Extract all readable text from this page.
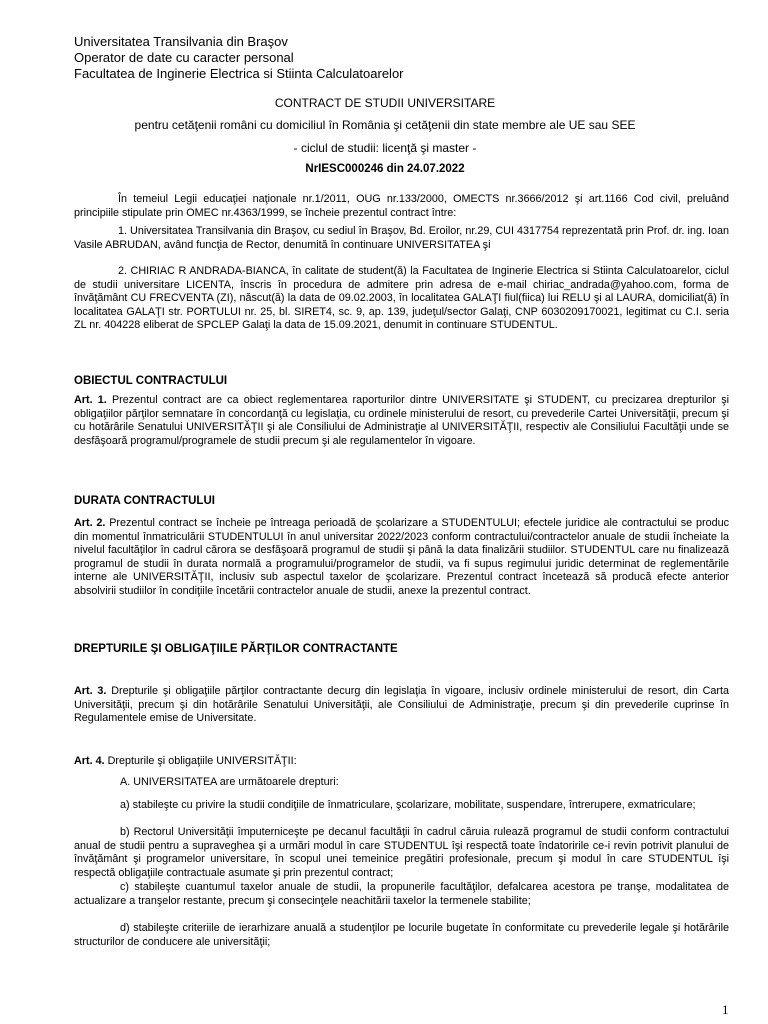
Universitatea Transilvania din Braşov
Operator de date cu caracter personal
Facultatea de Inginerie Electrica si Stiinta Calculatoarelor
CONTRACT DE STUDII UNIVERSITARE
pentru cetăţenii români cu domiciliul în România şi cetăţenii din state membre ale UE sau SEE
- ciclul de studii: licenţă şi master -
NrIESC000246 din 24.07.2022
În temeiul Legii educaţiei naţionale nr.1/2011, OUG nr.133/2000, OMECTS nr.3666/2012 şi art.1166 Cod civil, preluând principiile stipulate prin OMEC nr.4363/1999, se încheie prezentul contract între:
1. Universitatea Transilvania din Braşov, cu sediul în Braşov, Bd. Eroilor, nr.29, CUI 4317754 reprezentată prin Prof. dr. ing. Ioan Vasile ABRUDAN, având funcţia de Rector, denumită în continuare UNIVERSITATEA şi
2. CHIRIAC R ANDRADA-BIANCA, în calitate de student(ă) la Facultatea de Inginerie Electrica si Stiinta Calculatoarelor, ciclul de studii universitare LICENTA, înscris în procedura de admitere prin adresa de e-mail chiriac_andrada@yahoo.com, forma de învăţământ CU FRECVENTA (ZI), născut(ă) la data de 09.02.2003, în localitatea GALAŢI fiul(fiica) lui RELU şi al LAURA, domiciliat(ă) în localitatea GALAŢI str. PORTULUI nr. 25, bl. SIRET4, sc. 9, ap. 139, judeţul/sector Galaţi, CNP 6030209170021, legitimat cu C.I. seria ZL nr. 404228 eliberat de SPCLEP Galaţi la data de 15.09.2021, denumit in continuare STUDENTUL.
OBIECTUL CONTRACTULUI
Art. 1. Prezentul contract are ca obiect reglementarea raporturilor dintre UNIVERSITATE şi STUDENT, cu precizarea drepturilor şi obligaţiilor părţilor semnatare în concordanţă cu legislaţia, cu ordinele ministerului de resort, cu prevederile Cartei Universităţii, precum şi cu hotărârile Senatului UNIVERSITĂŢII şi ale Consiliului de Administraţie al UNIVERSITĂŢII, respectiv ale Consiliului Facultăţii unde se desfăşoară programul/programele de studii precum şi ale regulamentelor în vigoare.
DURATA CONTRACTULUI
Art. 2. Prezentul contract se încheie pe întreaga perioadă de şcolarizare a STUDENTULUI; efectele juridice ale contractului se produc din momentul înmatriculării STUDENTULUI în anul universitar 2022/2023 conform contractului/contractelor anuale de studii încheiate la nivelul facultăţilor în cadrul cărora se desfăşoară programul de studii şi până la data finalizării studiilor. STUDENTUL care nu finalizează programul de studii în durata normală a programului/programelor de studii, va fi supus regimului juridic determinat de reglementările interne ale UNIVERSITĂŢII, inclusiv sub aspectul taxelor de şcolarizare. Prezentul contract încetează să producă efecte anterior absolvirii studiilor în condiţiile încetării contractelor anuale de studii, anexe la prezentul contract.
DREPTURILE ŞI OBLIGAŢIILE PĂRŢILOR CONTRACTANTE
Art. 3. Drepturile şi obligaţiile părţilor contractante decurg din legislaţia în vigoare, inclusiv ordinele ministerului de resort, din Carta Universităţii, precum şi din hotărârile Senatului Universităţii, ale Consiliului de Administraţie, precum şi din prevederile cuprinse în Regulamentele emise de Universitate.
Art. 4. Drepturile şi obligaţiile UNIVERSITĂŢII:
A. UNIVERSITATEA are următoarele drepturi:
a) stabileşte cu privire la studii condiţiile de înmatriculare, şcolarizare, mobilitate, suspendare, întrerupere, exmatriculare;
b) Rectorul Universităţii împuterniceşte pe decanul facultăţii în cadrul căruia rulează programul de studii conform contractului anual de studii pentru a supraveghea şi a urmări modul în care STUDENTUL îşi respectă toate îndatoririle ce-i revin potrivit planului de învăţământ şi programelor universitare, în scopul unei temeinice pregătiri profesionale, precum şi modul în care STUDENTUL îşi respectă obligaţiile contractuale asumate şi prin prezentul contract;
c) stabileşte cuantumul taxelor anuale de studii, la propunerile facultăţilor, defalcarea acestora pe tranşe, modalitatea de actualizare a tranşelor restante, precum şi consecinţele neachitării taxelor la termenele stabilite;
d) stabileşte criteriile de ierarhizare anuală a studenţilor pe locurile bugetate în conformitate cu prevederile legale şi hotărârile structurilor de conducere ale universităţii;
1
